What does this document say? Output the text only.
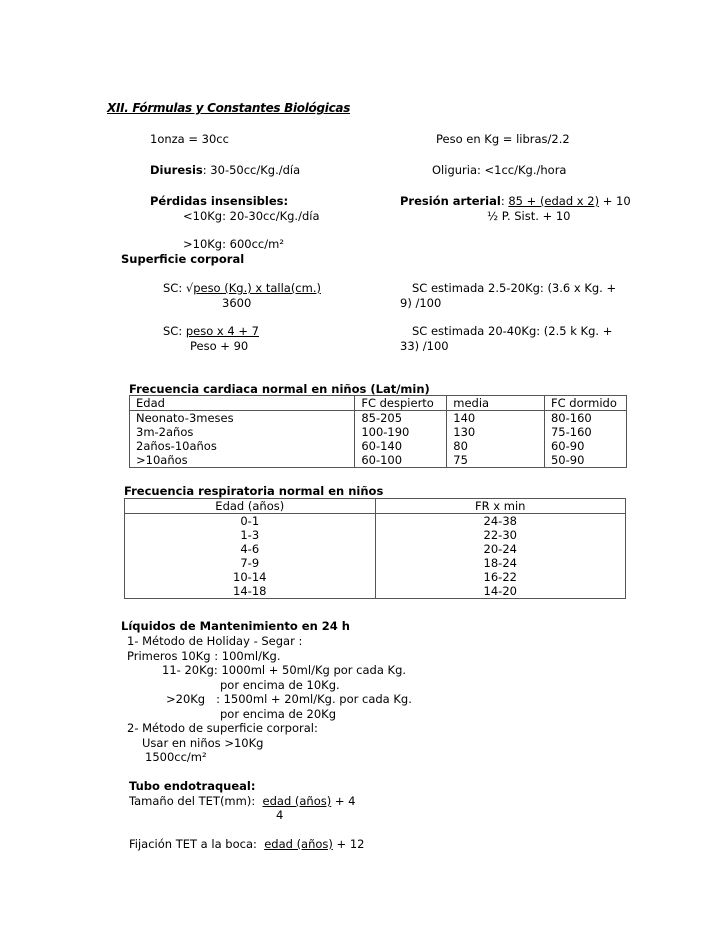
XII. Fórmulas y Constantes Biológicas
1onza = 30cc	Peso en Kg = libras/2.2
Diuresis: 30-50cc/Kg./día	Oliguria: <1cc/Kg./hora
Pérdidas insensibles:
<10Kg: 20-30cc/Kg./día
>10Kg: 600cc/m²
Presión arterial: 85 + (edad x 2) + 10
½ P. Sist. + 10
Superficie corporal
SC: √peso (Kg.) x talla(cm.)
3600
SC estimada 2.5-20Kg: (3.6 x Kg. +
9) /100
SC: peso x 4 + 7
Peso + 90
SC estimada 20-40Kg: (2.5 k Kg. +
33) /100
Frecuencia cardiaca normal en niños (Lat/min)
Edad	FC despierto	media	FC dormido
Neonato-3meses	85-205	140	80-160
3m-2años	100-190	130	75-160
2años-10años	60-140	80	60-90
>10años	60-100	75	50-90
Frecuencia respiratoria normal en niños
Edad (años)	FR x min
0-1	24-38
1-3	22-30
4-6	20-24
7-9	18-24
10-14	16-22
14-18	14-20
Líquidos de Mantenimiento en 24 h
1- Método de Holiday - Segar :
Primeros 10Kg : 100ml/Kg.
11- 20Kg: 1000ml + 50ml/Kg por cada Kg.
por encima de 10Kg.
>20Kg   : 1500ml + 20ml/Kg. por cada Kg.
por encima de 20Kg
2- Método de superficie corporal:
Usar en niños >10Kg
1500cc/m²
Tubo endotraqueal:
Tamaño del TET(mm):  edad (años) + 4
4
Fijación TET a la boca:  edad (años) + 12
